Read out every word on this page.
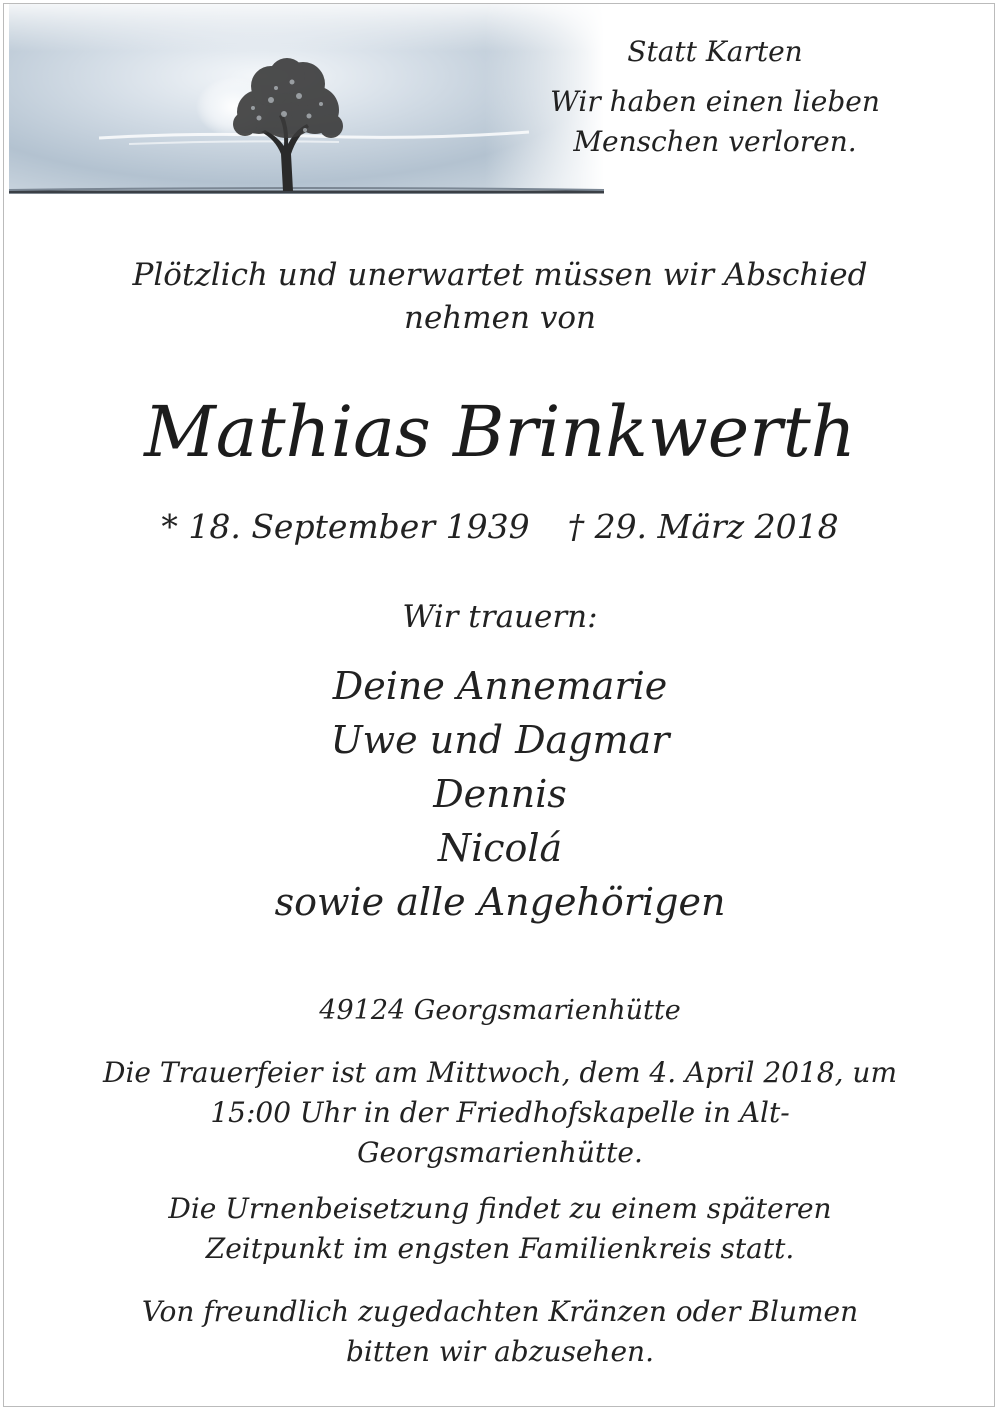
Statt Karten
Wir haben einen lieben
Menschen verloren.
Plötzlich und unerwartet müssen wir Abschied
nehmen von
Mathias Brinkwerth
* 18. September 1939 † 29. März 2018
Wir trauern:
Deine Annemarie
Uwe und Dagmar
Dennis
Nicolá
sowie alle Angehörigen
49124 Georgsmarienhütte
Die Trauerfeier ist am Mittwoch, dem 4. April 2018, um
15:00 Uhr in der Friedhofskapelle in Alt-
Georgsmarienhütte.
Die Urnenbeisetzung findet zu einem späteren
Zeitpunkt im engsten Familienkreis statt.
Von freundlich zugedachten Kränzen oder Blumen
bitten wir abzusehen.
